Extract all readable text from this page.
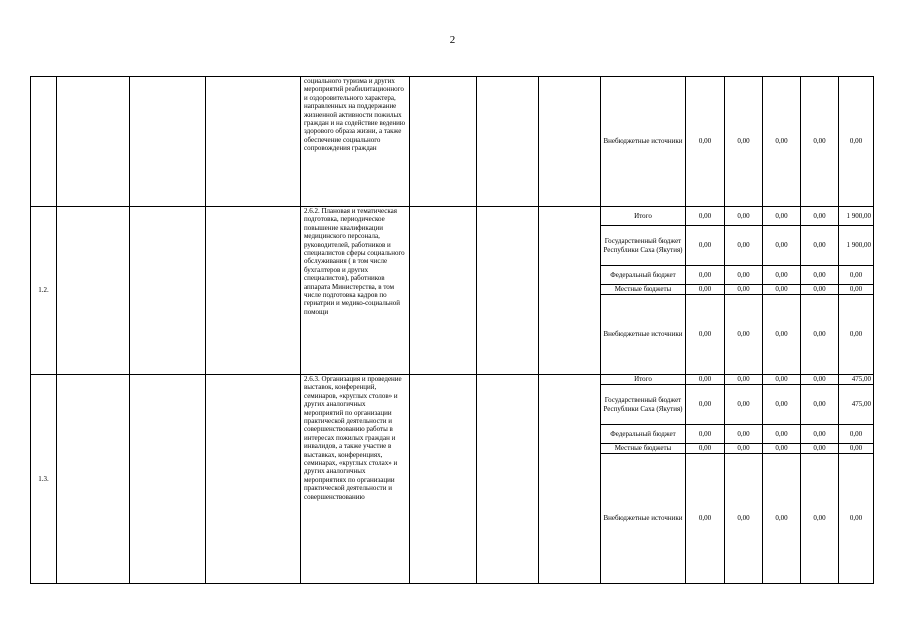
2
				социального туризма и других мероприятий реабилитационного и оздоровительного характера, направленных на поддержание жизненной активности пожилых граждан и на содействие ведению здорового образа жизни, а также обеспечение социального сопровождения граждан				Внебюджетные источники	0,00	0,00	0,00	0,00	0,00
1.2.				2.6.2. Плановая и тематическая подготовка, периодическое повышение квалификации медицинского персонала, руководителей, работников и специалистов сферы социального обслуживания ( в том числе бухгалтеров и других специалистов), работников аппарата Министерства, в том числе подготовка кадров по гериатрии и медико-социальной помощи				Итого	0,00	0,00	0,00	0,00	1 900,00
								Государственный бюджет Республики Саха (Якутия)	0,00	0,00	0,00	0,00	1 900,00
								Федеральный бюджет	0,00	0,00	0,00	0,00	0,00
								Местные бюджеты	0,00	0,00	0,00	0,00	0,00
								Внебюджетные источники	0,00	0,00	0,00	0,00	0,00
1.3.				2.6.3. Организация и проведение выставок, конференций, семинаров, «круглых столов» и других аналогичных мероприятий по организации практической деятельности и совершенствованию работы в интересах пожилых граждан и инвалидов, а также участие в выставках, конференциях, семинарах, «круглых столах» и других аналогичных мероприятиях по организации практической деятельности и совершенствованию				Итого	0,00	0,00	0,00	0,00	475,00
								Государственный бюджет Республики Саха (Якутия)	0,00	0,00	0,00	0,00	475,00
								Федеральный бюджет	0,00	0,00	0,00	0,00	0,00
								Местные бюджеты	0,00	0,00	0,00	0,00	0,00
								Внебюджетные источники	0,00	0,00	0,00	0,00	0,00
